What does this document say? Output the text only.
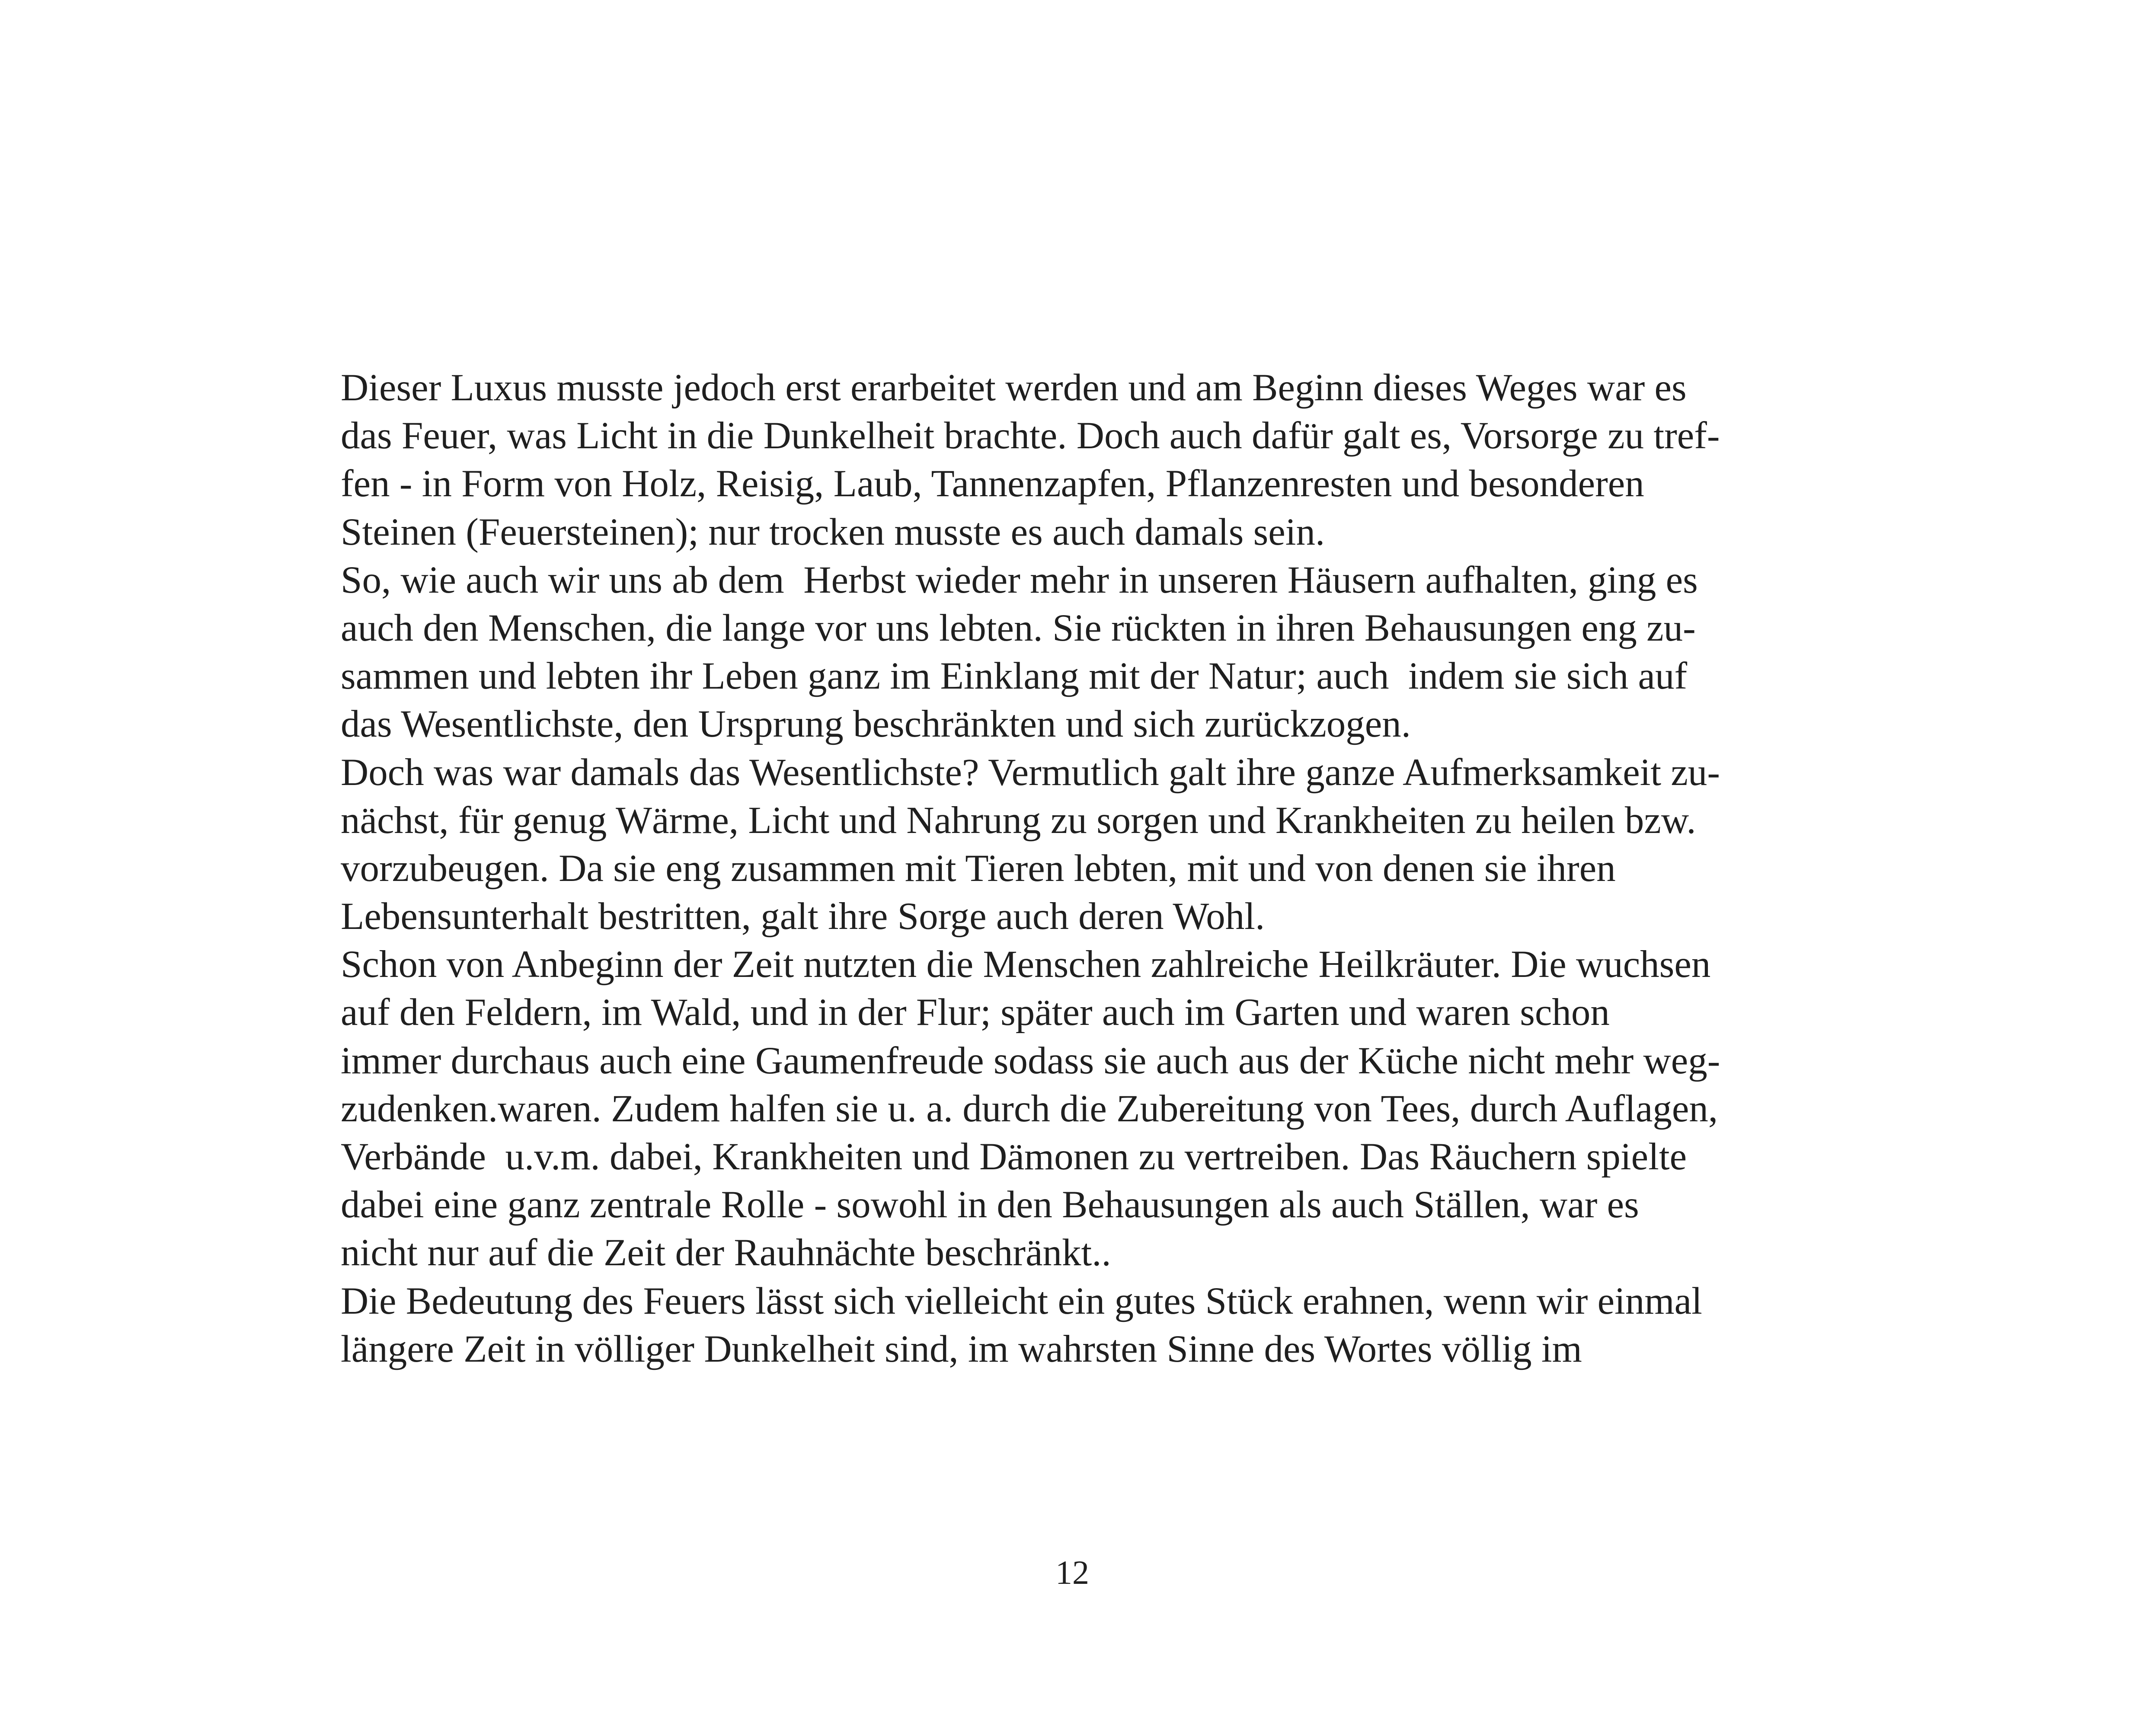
Dieser Luxus musste jedoch erst erarbeitet werden und am Beginn dieses Weges war es
das Feuer, was Licht in die Dunkelheit brachte. Doch auch dafür galt es, Vorsorge zu tref-
fen - in Form von Holz, Reisig, Laub, Tannenzapfen, Pflanzenresten und besonderen
Steinen (Feuersteinen); nur trocken musste es auch damals sein.
So, wie auch wir uns ab dem  Herbst wieder mehr in unseren Häusern aufhalten, ging es
auch den Menschen, die lange vor uns lebten. Sie rückten in ihren Behausungen eng zu-
sammen und lebten ihr Leben ganz im Einklang mit der Natur; auch  indem sie sich auf
das Wesentlichste, den Ursprung beschränkten und sich zurückzogen.
Doch was war damals das Wesentlichste? Vermutlich galt ihre ganze Aufmerksamkeit zu-
nächst, für genug Wärme, Licht und Nahrung zu sorgen und Krankheiten zu heilen bzw.
vorzubeugen. Da sie eng zusammen mit Tieren lebten, mit und von denen sie ihren
Lebensunterhalt bestritten, galt ihre Sorge auch deren Wohl.
Schon von Anbeginn der Zeit nutzten die Menschen zahlreiche Heilkräuter. Die wuchsen
auf den Feldern, im Wald, und in der Flur; später auch im Garten und waren schon
immer durchaus auch eine Gaumenfreude sodass sie auch aus der Küche nicht mehr weg-
zudenken.waren. Zudem halfen sie u. a. durch die Zubereitung von Tees, durch Auflagen,
Verbände  u.v.m. dabei, Krankheiten und Dämonen zu vertreiben. Das Räuchern spielte
dabei eine ganz zentrale Rolle - sowohl in den Behausungen als auch Ställen, war es
nicht nur auf die Zeit der Rauhnächte beschränkt..
Die Bedeutung des Feuers lässt sich vielleicht ein gutes Stück erahnen, wenn wir einmal
längere Zeit in völliger Dunkelheit sind, im wahrsten Sinne des Wortes völlig im
12
